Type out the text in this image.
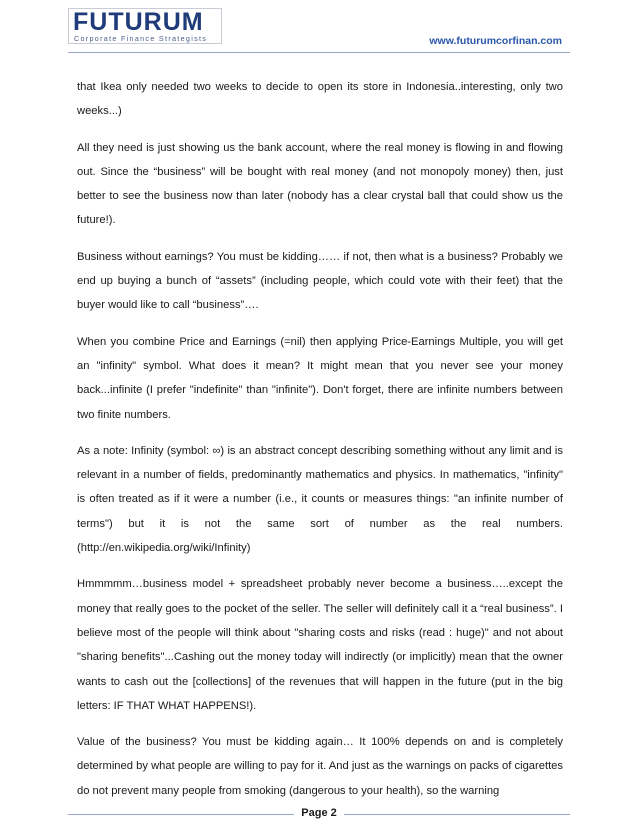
FUTURUM
Corporate Finance Strategists	www.futurumcorfinan.com

that Ikea only needed two weeks to decide to open its store in Indonesia..interesting, only two weeks...)

All they need is just showing us the bank account, where the real money is flowing in and flowing out. Since the “business” will be bought with real money (and not monopoly money) then, just better to see the business now than later (nobody has a clear crystal ball that could show us the future!).

Business without earnings? You must be kidding…… if not, then what is a business? Probably we end up buying a bunch of “assets” (including people, which could vote with their feet) that the buyer would like to call “business”….

When you combine Price and Earnings (=nil) then applying Price-Earnings Multiple, you will get an "infinity" symbol. What does it mean? It might mean that you never see your money back...infinite (I prefer "indefinite" than "infinite"). Don't forget, there are infinite numbers between two finite numbers.

As a note: Infinity (symbol: ∞) is an abstract concept describing something without any limit and is relevant in a number of fields, predominantly mathematics and physics. In mathematics, "infinity" is often treated as if it were a number (i.e., it counts or measures things: "an infinite number of terms") but it is not the same sort of number as the real numbers. (http://en.wikipedia.org/wiki/Infinity)

Hmmmmm…business model + spreadsheet probably never become a business…..except the money that really goes to the pocket of the seller. The seller will definitely call it a “real business”. I believe most of the people will think about "sharing costs and risks (read : huge)" and not about "sharing benefits"...Cashing out the money today will indirectly (or implicitly) mean that the owner wants to cash out the [collections] of the revenues that will happen in the future (put in the big letters: IF THAT WHAT HAPPENS!).

Value of the business? You must be kidding again… It 100% depends on and is completely determined by what people are willing to pay for it. And just as the warnings on packs of cigarettes do not prevent many people from smoking (dangerous to your health), so the warning

Page 2
